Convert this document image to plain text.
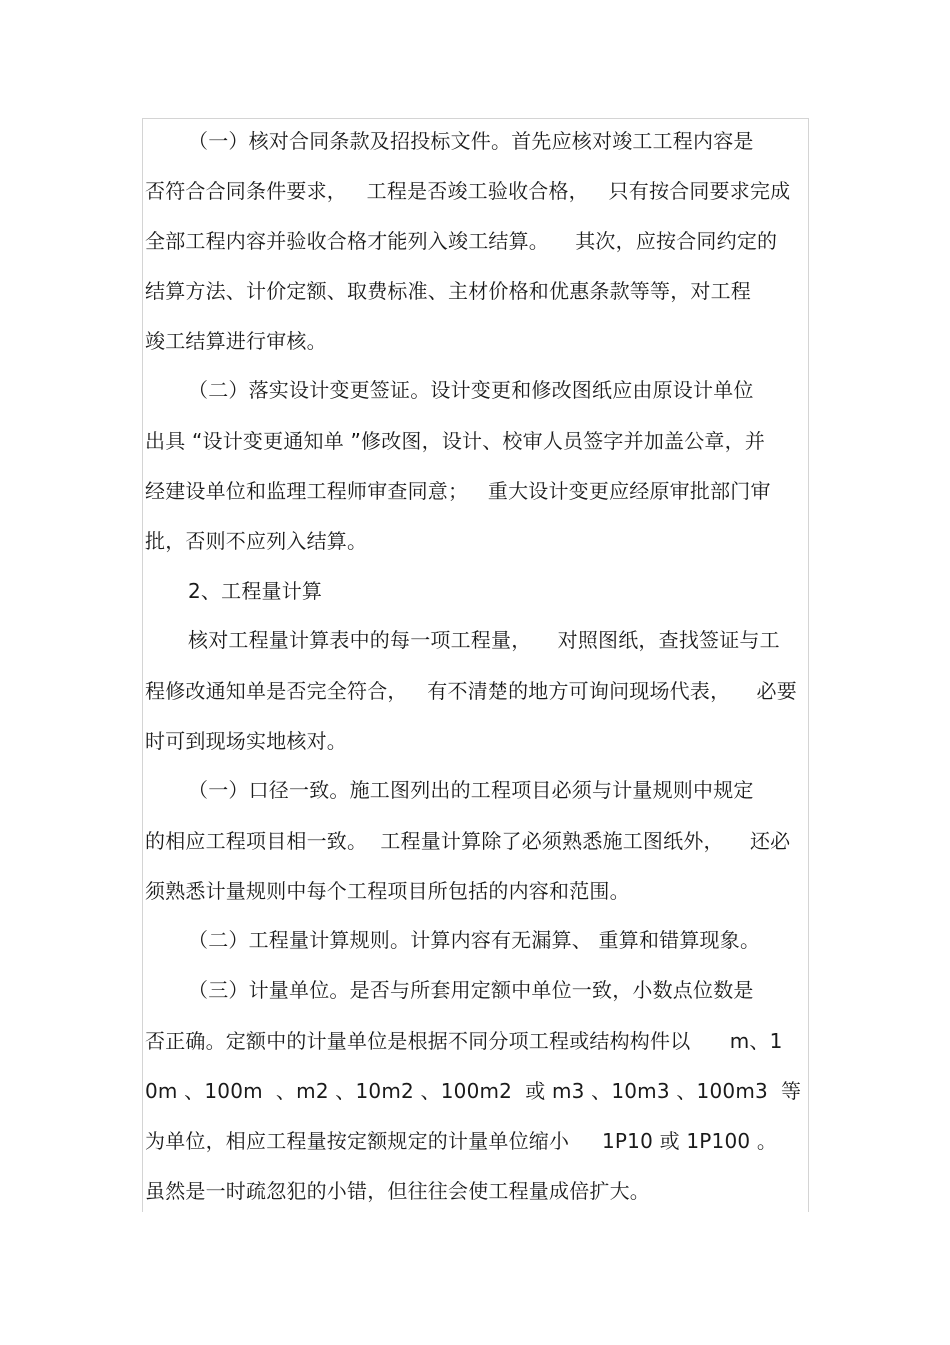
（一）核对合同条款及招投标文件。首先应核对竣工工程内容是
否符合合同条件要求，   工程是否竣工验收合格，   只有按合同要求完成
全部工程内容并验收合格才能列入竣工结算。    其次，应按合同约定的
结算方法、计价定额、取费标准、主材价格和优惠条款等等，对工程
竣工结算进行审核。
（二）落实设计变更签证。设计变更和修改图纸应由原设计单位
出具 “设计变更通知单 ”修改图，设计、校审人员签字并加盖公章，并
经建设单位和监理工程师审查同意；   重大设计变更应经原审批部门审
批，否则不应列入结算。
2、工程量计算
核对工程量计算表中的每一项工程量，    对照图纸，查找签证与工
程修改通知单是否完全符合，   有不清楚的地方可询问现场代表，    必要
时可到现场实地核对。
（一）口径一致。施工图列出的工程项目必须与计量规则中规定
的相应工程项目相一致。  工程量计算除了必须熟悉施工图纸外，    还必
须熟悉计量规则中每个工程项目所包括的内容和范围。
（二）工程量计算规则。计算内容有无漏算、 重算和错算现象。
（三）计量单位。是否与所套用定额中单位一致，小数点位数是
否正确。定额中的计量单位是根据不同分项工程或结构构件以      m、1
0m 、100m  、m2 、10m2 、100m2  或 m3 、10m3 、100m3  等
为单位，相应工程量按定额规定的计量单位缩小     1P10 或 1P100 。
虽然是一时疏忽犯的小错，但往往会使工程量成倍扩大。
